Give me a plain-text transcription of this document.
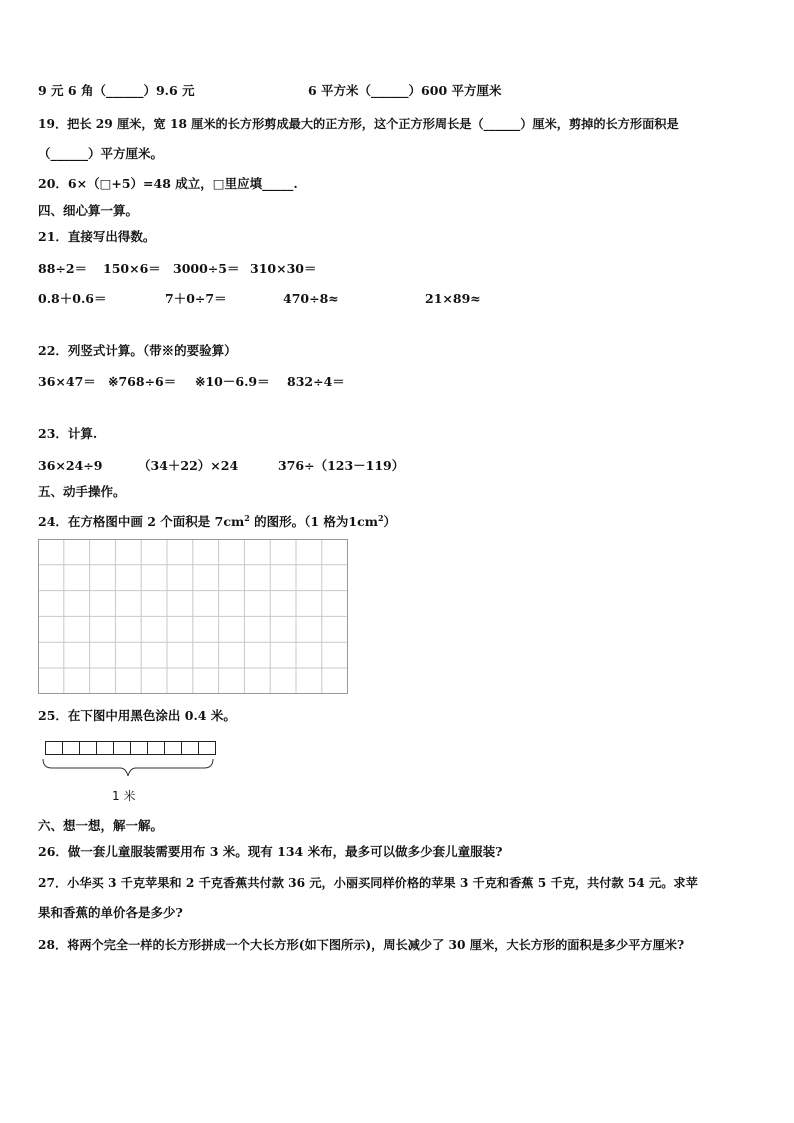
9 元 6 角（______）9.6 元	6 平方米（______）600 平方厘米

19．把长 29 厘米，宽 18 厘米的长方形剪成最大的正方形，这个正方形周长是（______）厘米，剪掉的长方形面积是

（______）平方厘米。

20．6×（□+5）=48 成立，□里应填_____.

四、细心算一算。

21．直接写出得数。

88÷2＝ 150×6＝ 3000÷5＝ 310×30＝
0.8＋0.6＝	7＋0÷7＝	470÷8≈	21×89≈

22．列竖式计算。（带※的要验算）

36×47＝ ※768÷6＝ ※10－6.9＝ 832÷4＝

23．计算.

36×24÷9	（34＋22）×24	376÷（123－119）

五、动手操作。

24．在方格图中画 2 个面积是 $7cm^2$ 的图形。（1 格为$1cm^2$）

25．在下图中用黑色涂出 0.4 米。

1 米

六、想一想，解一解。

26．做一套儿童服装需要用布 3 米。现有 134 米布，最多可以做多少套儿童服装?

27．小华买 3 千克苹果和 2 千克香蕉共付款 36 元，小丽买同样价格的苹果 3 千克和香蕉 5 千克，共付款 54 元。求苹

果和香蕉的单价各是多少?

28．将两个完全一样的长方形拼成一个大长方形(如下图所示)，周长减少了 30 厘米，大长方形的面积是多少平方厘米?
